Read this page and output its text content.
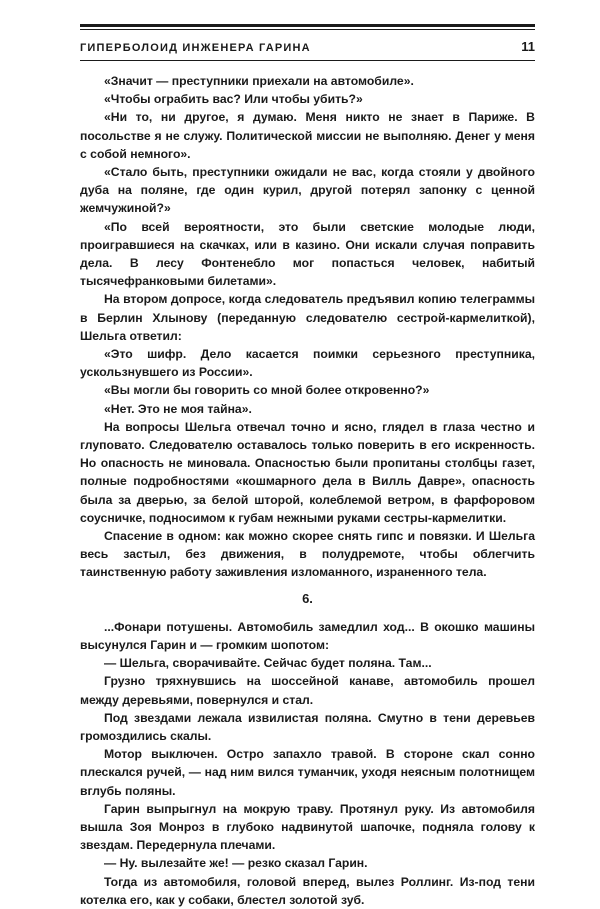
ГИПЕРБОЛОИД ИНЖЕНЕРА ГАРИНА	11

«Значит — преступники приехали на автомобиле».

«Чтобы ограбить вас? Или чтобы убить?»

«Ни то, ни другое, я думаю. Меня никто не знает в Париже. В посольстве я не служу. Политической миссии не выполняю. Денег у меня с собой немного».

«Стало быть, преступники ожидали не вас, когда стояли у двойного дуба на поляне, где один курил, другой потерял запонку с ценной жемчужиной?»

«По всей вероятности, это были светские молодые люди, проигравшиеся на скачках, или в казино. Они искали случая поправить дела. В лесу Фонтенебло мог попасться человек, набитый тысячефранковыми билетами».

На втором допросе, когда следователь предъявил копию телеграммы в Берлин Хлынову (переданную следователю сестрой-кармелиткой), Шельга ответил:

«Это шифр. Дело касается поимки серьезного преступника, ускользнувшего из России».

«Вы могли бы говорить со мной более откровенно?»

«Нет. Это не моя тайна».

На вопросы Шельга отвечал точно и ясно, глядел в глаза честно и глуповато. Следователю оставалось только поверить в его искренность. Но опасность не миновала. Опасностью были пропитаны столбцы газет, полные подробностями «кошмарного дела в Вилль Давре», опасность была за дверью, за белой шторой, колеблемой ветром, в фарфоровом соусничке, подносимом к губам нежными руками сестры-кармелитки.

Спасение в одном: как можно скорее снять гипс и повязки. И Шельга весь застыл, без движения, в полудремоте, чтобы облегчить таинственную работу заживления изломанного, израненного тела.

6.

...Фонари потушены. Автомобиль замедлил ход... В окошко машины высунулся Гарин и — громким шопотом:

— Шельга, сворачивайте. Сейчас будет поляна. Там...

Грузно тряхнувшись на шоссейной канаве, автомобиль прошел между деревьями, повернулся и стал.

Под звездами лежала извилистая поляна. Смутно в тени деревьев громоздились скалы.

Мотор выключен. Остро запахло травой. В стороне скал сонно плескался ручей, — над ним вился туманчик, уходя неясным полотнищем вглубь поляны.

Гарин выпрыгнул на мокрую траву. Протянул руку. Из автомобиля вышла Зоя Монроз в глубоко надвинутой шапочке, подняла голову к звездам. Передернула плечами.

— Ну. вылезайте же! — резко сказал Гарин.

Тогда из автомобиля, головой вперед, вылез Роллинг. Из-под тени котелка его, как у собаки, блестел золотой зуб.
